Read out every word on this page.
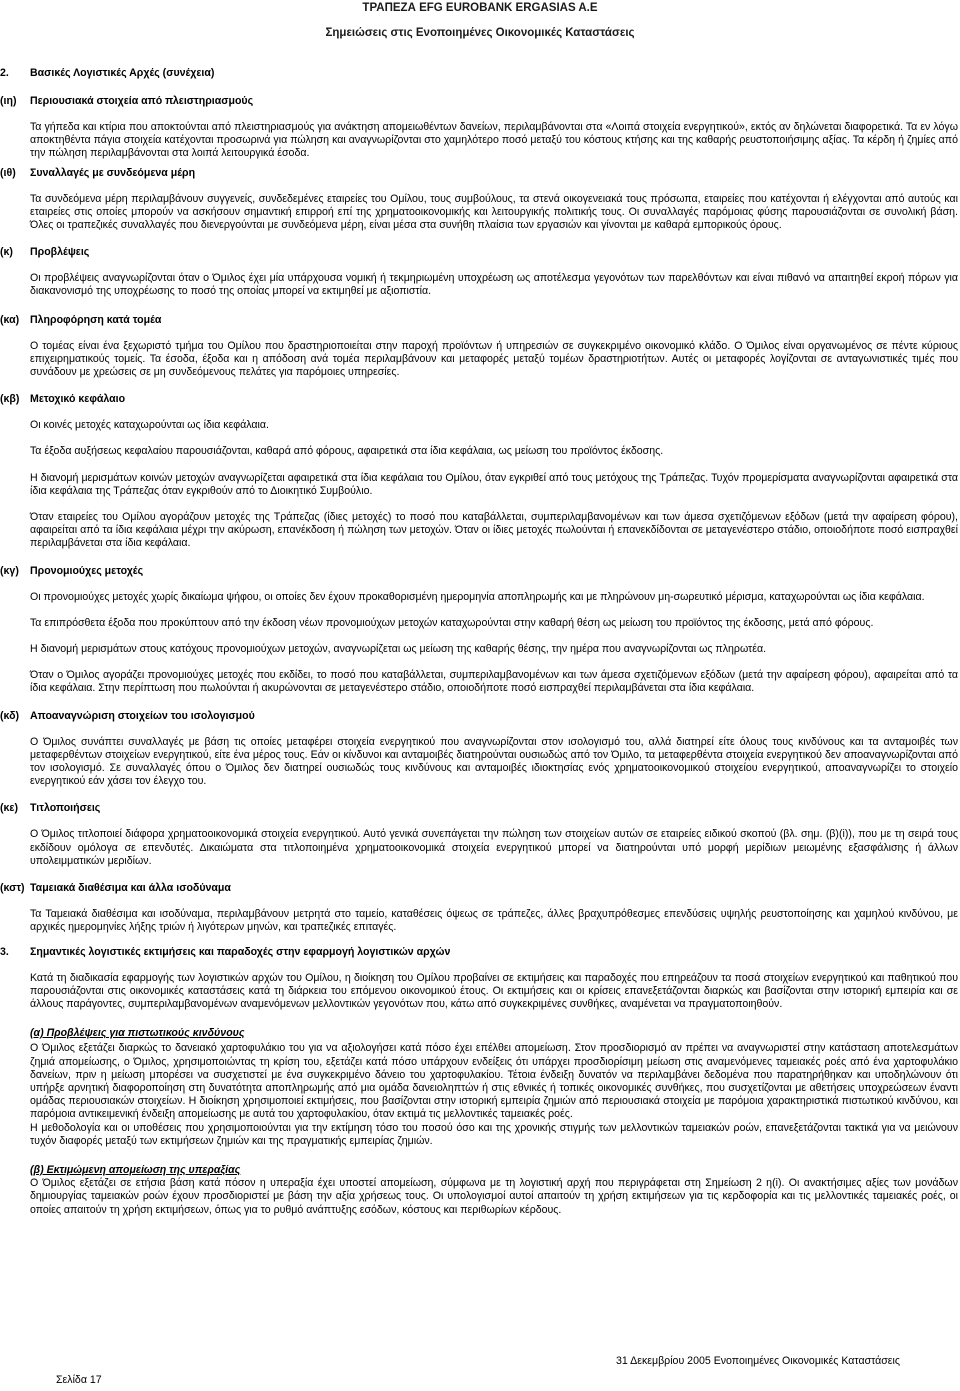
ΤΡΑΠΕΖΑ EFG EUROBANK ERGASIAS A.E
Σημειώσεις στις Ενοποιημένες Οικονομικές Καταστάσεις
2. Βασικές Λογιστικές Αρχές (συνέχεια)
(ιη) Περιουσιακά στοιχεία από πλειστηριασμούς
Τα γήπεδα και κτίρια που αποκτούνται από πλειστηριασμούς για ανάκτηση απομειωθέντων δανείων, περιλαμβάνονται στα «Λοιπά στοιχεία ενεργητικού», εκτός αν δηλώνεται διαφορετικά. Τα εν λόγω αποκτηθέντα πάγια στοιχεία κατέχονται προσωρινά για πώληση και αναγνωρίζονται στο χαμηλότερο ποσό μεταξύ του κόστους κτήσης και της καθαρής ρευστοποιήσιμης αξίας. Τα κέρδη ή ζημίες από την πώληση περιλαμβάνονται στα λοιπά λειτουργικά έσοδα.
(ιθ) Συναλλαγές με συνδεόμενα μέρη
Τα συνδεόμενα μέρη περιλαμβάνουν συγγενείς, συνδεδεμένες εταιρείες του Ομίλου, τους συμβούλους, τα στενά οικογενειακά τους πρόσωπα, εταιρείες που κατέχονται ή ελέγχονται από αυτούς και εταιρείες στις οποίες μπορούν να ασκήσουν σημαντική επιρροή επί της χρηματοοικονομικής και λειτουργικής πολιτικής τους. Οι συναλλαγές παρόμοιας φύσης παρουσιάζονται σε συνολική βάση. Όλες οι τραπεζικές συναλλαγές που διενεργούνται με συνδεόμενα μέρη, είναι μέσα στα συνήθη πλαίσια των εργασιών και γίνονται με καθαρά εμπορικούς όρους.
(κ) Προβλέψεις
Οι προβλέψεις αναγνωρίζονται όταν ο Όμιλος έχει μία υπάρχουσα νομική ή τεκμηριωμένη υποχρέωση ως αποτέλεσμα γεγονότων των παρελθόντων και είναι πιθανό να απαιτηθεί εκροή πόρων για διακανονισμό της υποχρέωσης το ποσό της οποίας μπορεί να εκτιμηθεί με αξιοπιστία.
(κα) Πληροφόρηση κατά τομέα
Ο τομέας είναι ένα ξεχωριστό τμήμα του Ομίλου που δραστηριοποιείται στην παροχή προϊόντων ή υπηρεσιών σε συγκεκριμένο οικονομικό κλάδο. Ο Όμιλος είναι οργανωμένος σε πέντε κύριους επιχειρηματικούς τομείς. Τα έσοδα, έξοδα και η απόδοση ανά τομέα περιλαμβάνουν και μεταφορές μεταξύ τομέων δραστηριοτήτων. Αυτές οι μεταφορές λογίζονται σε ανταγωνιστικές τιμές που συνάδουν με χρεώσεις σε μη συνδεόμενους πελάτες για παρόμοιες υπηρεσίες.
(κβ) Μετοχικό κεφάλαιο
Οι κοινές μετοχές καταχωρούνται ως ίδια κεφάλαια.
Τα έξοδα αυξήσεως κεφαλαίου παρουσιάζονται, καθαρά από φόρους, αφαιρετικά στα ίδια κεφάλαια, ως μείωση του προϊόντος έκδοσης.
Η διανομή μερισμάτων κοινών μετοχών αναγνωρίζεται αφαιρετικά στα ίδια κεφάλαια του Ομίλου, όταν εγκριθεί από τους μετόχους της Τράπεζας. Τυχόν προμερίσματα αναγνωρίζονται αφαιρετικά στα ίδια κεφάλαια της Τράπεζας όταν εγκριθούν από το Διοικητικό Συμβούλιο.
Όταν εταιρείες του Ομίλου αγοράζουν μετοχές της Τράπεζας (ίδιες μετοχές) το ποσό που καταβάλλεται, συμπεριλαμβανομένων και των άμεσα σχετιζόμενων εξόδων (μετά την αφαίρεση φόρου), αφαιρείται από τα ίδια κεφάλαια μέχρι την ακύρωση, επανέκδοση ή πώληση των μετοχών. Όταν οι ίδιες μετοχές πωλούνται ή επανεκδίδονται σε μεταγενέστερο στάδιο, οποιοδήποτε ποσό εισπραχθεί περιλαμβάνεται στα ίδια κεφάλαια.
(κγ) Προνομιούχες μετοχές
Οι προνομιούχες μετοχές χωρίς δικαίωμα ψήφου, οι οποίες δεν έχουν προκαθορισμένη ημερομηνία αποπληρωμής και με πληρώνουν μη-σωρευτικό μέρισμα, καταχωρούνται ως ίδια κεφάλαια.
Τα επιπρόσθετα έξοδα που προκύπτουν από την έκδοση νέων προνομιούχων μετοχών καταχωρούνται στην καθαρή θέση ως μείωση του προϊόντος της έκδοσης, μετά από φόρους.
Η διανομή μερισμάτων στους κατόχους προνομιούχων μετοχών, αναγνωρίζεται ως μείωση της καθαρής θέσης, την ημέρα που αναγνωρίζονται ως πληρωτέα.
Όταν ο Όμιλος αγοράζει προνομιούχες μετοχές που εκδίδει, το ποσό που καταβάλλεται, συμπεριλαμβανομένων και των άμεσα σχετιζόμενων εξόδων (μετά την αφαίρεση φόρου), αφαιρείται από τα ίδια κεφάλαια. Στην περίπτωση που πωλούνται ή ακυρώνονται σε μεταγενέστερο στάδιο, οποιοδήποτε ποσό εισπραχθεί περιλαμβάνεται στα ίδια κεφάλαια.
(κδ) Αποαναγνώριση στοιχείων του ισολογισμού
Ο Όμιλος συνάπτει συναλλαγές με βάση τις οποίες μεταφέρει στοιχεία ενεργητικού που αναγνωρίζονται στον ισολογισμό του, αλλά διατηρεί είτε όλους τους κινδύνους και τα ανταμοιβές των μεταφερθέντων στοιχείων ενεργητικού, είτε ένα μέρος τους. Εάν οι κίνδυνοι και ανταμοιβές διατηρούνται ουσιωδώς από τον Όμιλο, τα μεταφερθέντα στοιχεία ενεργητικού δεν αποαναγνωρίζονται από τον ισολογισμό. Σε συναλλαγές όπου ο Όμιλος δεν διατηρεί ουσιωδώς τους κινδύνους και ανταμοιβές ιδιοκτησίας ενός χρηματοοικονομικού στοιχείου ενεργητικού, αποαναγνωρίζει το στοιχείο ενεργητικού εάν χάσει τον έλεγχο του.
(κε) Τιτλοποιήσεις
Ο Όμιλος τιτλοποιεί διάφορα χρηματοοικονομικά στοιχεία ενεργητικού. Αυτό γενικά συνεπάγεται την πώληση των στοιχείων αυτών σε εταιρείες ειδικού σκοπού (βλ. σημ. (β)(i)), που με τη σειρά τους εκδίδουν ομόλογα σε επενδυτές. Δικαιώματα στα τιτλοποιημένα χρηματοοικονομικά στοιχεία ενεργητικού μπορεί να διατηρούνται υπό μορφή μερίδιων μειωμένης εξασφάλισης ή άλλων υπολειμματικών μεριδίων.
(κστ) Ταμειακά διαθέσιμα και άλλα ισοδύναμα
Τα Ταμειακά διαθέσιμα και ισοδύναμα, περιλαμβάνουν μετρητά στο ταμείο, καταθέσεις όψεως σε τράπεζες, άλλες βραχυπρόθεσμες επενδύσεις υψηλής ρευστοποίησης και χαμηλού κινδύνου, με αρχικές ημερομηνίες λήξης τριών ή λιγότερων μηνών, και τραπεζικές επιταγές.
3. Σημαντικές λογιστικές εκτιμήσεις και παραδοχές στην εφαρμογή λογιστικών αρχών
Κατά τη διαδικασία εφαρμογής των λογιστικών αρχών του Ομίλου, η διοίκηση του Ομίλου προβαίνει σε εκτιμήσεις και παραδοχές που επηρεάζουν τα ποσά στοιχείων ενεργητικού και παθητικού που παρουσιάζονται στις οικονομικές καταστάσεις κατά τη διάρκεια του επόμενου οικονομικού έτους. Οι εκτιμήσεις και οι κρίσεις επανεξετάζονται διαρκώς και βασίζονται στην ιστορική εμπειρία και σε άλλους παράγοντες, συμπεριλαμβανομένων αναμενόμενων μελλοντικών γεγονότων που, κάτω από συγκεκριμένες συνθήκες, αναμένεται να πραγματοποιηθούν.
(α) Προβλέψεις για πιστωτικούς κινδύνους
Ο Όμιλος εξετάζει διαρκώς το δανειακό χαρτοφυλάκιο του για να αξιολογήσει κατά πόσο έχει επέλθει απομείωση. Στον προσδιορισμό αν πρέπει να αναγνωριστεί στην κατάσταση αποτελεσμάτων ζημιά απομείωσης, ο Όμιλος, χρησιμοποιώντας τη κρίση του, εξετάζει κατά πόσο υπάρχουν ενδείξεις ότι υπάρχει προσδιορίσιμη μείωση στις αναμενόμενες ταμειακές ροές από ένα χαρτοφυλάκιο δανείων, πριν η μείωση μπορέσει να συσχετιστεί με ένα συγκεκριμένο δάνειο του χαρτοφυλακίου. Τέτοια ένδειξη δυνατόν να περιλαμβάνει δεδομένα που παρατηρήθηκαν και υποδηλώνουν ότι υπήρξε αρνητική διαφοροποίηση στη δυνατότητα αποπληρωμής από μια ομάδα δανειοληπτών ή στις εθνικές ή τοπικές οικονομικές συνθήκες, που συσχετίζονται με αθετήσεις υποχρεώσεων έναντι ομάδας περιουσιακών στοιχείων. Η διοίκηση χρησιμοποιεί εκτιμήσεις, που βασίζονται στην ιστορική εμπειρία ζημιών από περιουσιακά στοιχεία με παρόμοια χαρακτηριστικά πιστωτικού κινδύνου, και παρόμοια αντικειμενική ένδειξη απομείωσης με αυτά του χαρτοφυλακίου, όταν εκτιμά τις μελλοντικές ταμειακές ροές.
Η μεθοδολογία και οι υποθέσεις που χρησιμοποιούνται για την εκτίμηση τόσο του ποσού όσο και της χρονικής στιγμής των μελλοντικών ταμειακών ροών, επανεξετάζονται τακτικά για να μειώνουν τυχόν διαφορές μεταξύ των εκτιμήσεων ζημιών και της πραγματικής εμπειρίας ζημιών.
(β) Εκτιμώμενη απομείωση της υπεραξίας
Ο Όμιλος εξετάζει σε ετήσια βάση κατά πόσον η υπεραξία έχει υποστεί απομείωση, σύμφωνα με τη λογιστική αρχή που περιγράφεται στη Σημείωση 2 η(i). Οι ανακτήσιμες αξίες των μονάδων δημιουργίας ταμειακών ροών έχουν προσδιοριστεί με βάση την αξία χρήσεως τους. Οι υπολογισμοί αυτοί απαιτούν τη χρήση εκτιμήσεων για τις κερδοφορία και τις μελλοντικές ταμειακές ροές, οι οποίες απαιτούν τη χρήση εκτιμήσεων, όπως για το ρυθμό ανάπτυξης εσόδων, κόστους και περιθωρίων κέρδους.
31 Δεκεμβρίου 2005 Ενοποιημένες Οικονομικές Καταστάσεις
Σελίδα 17
